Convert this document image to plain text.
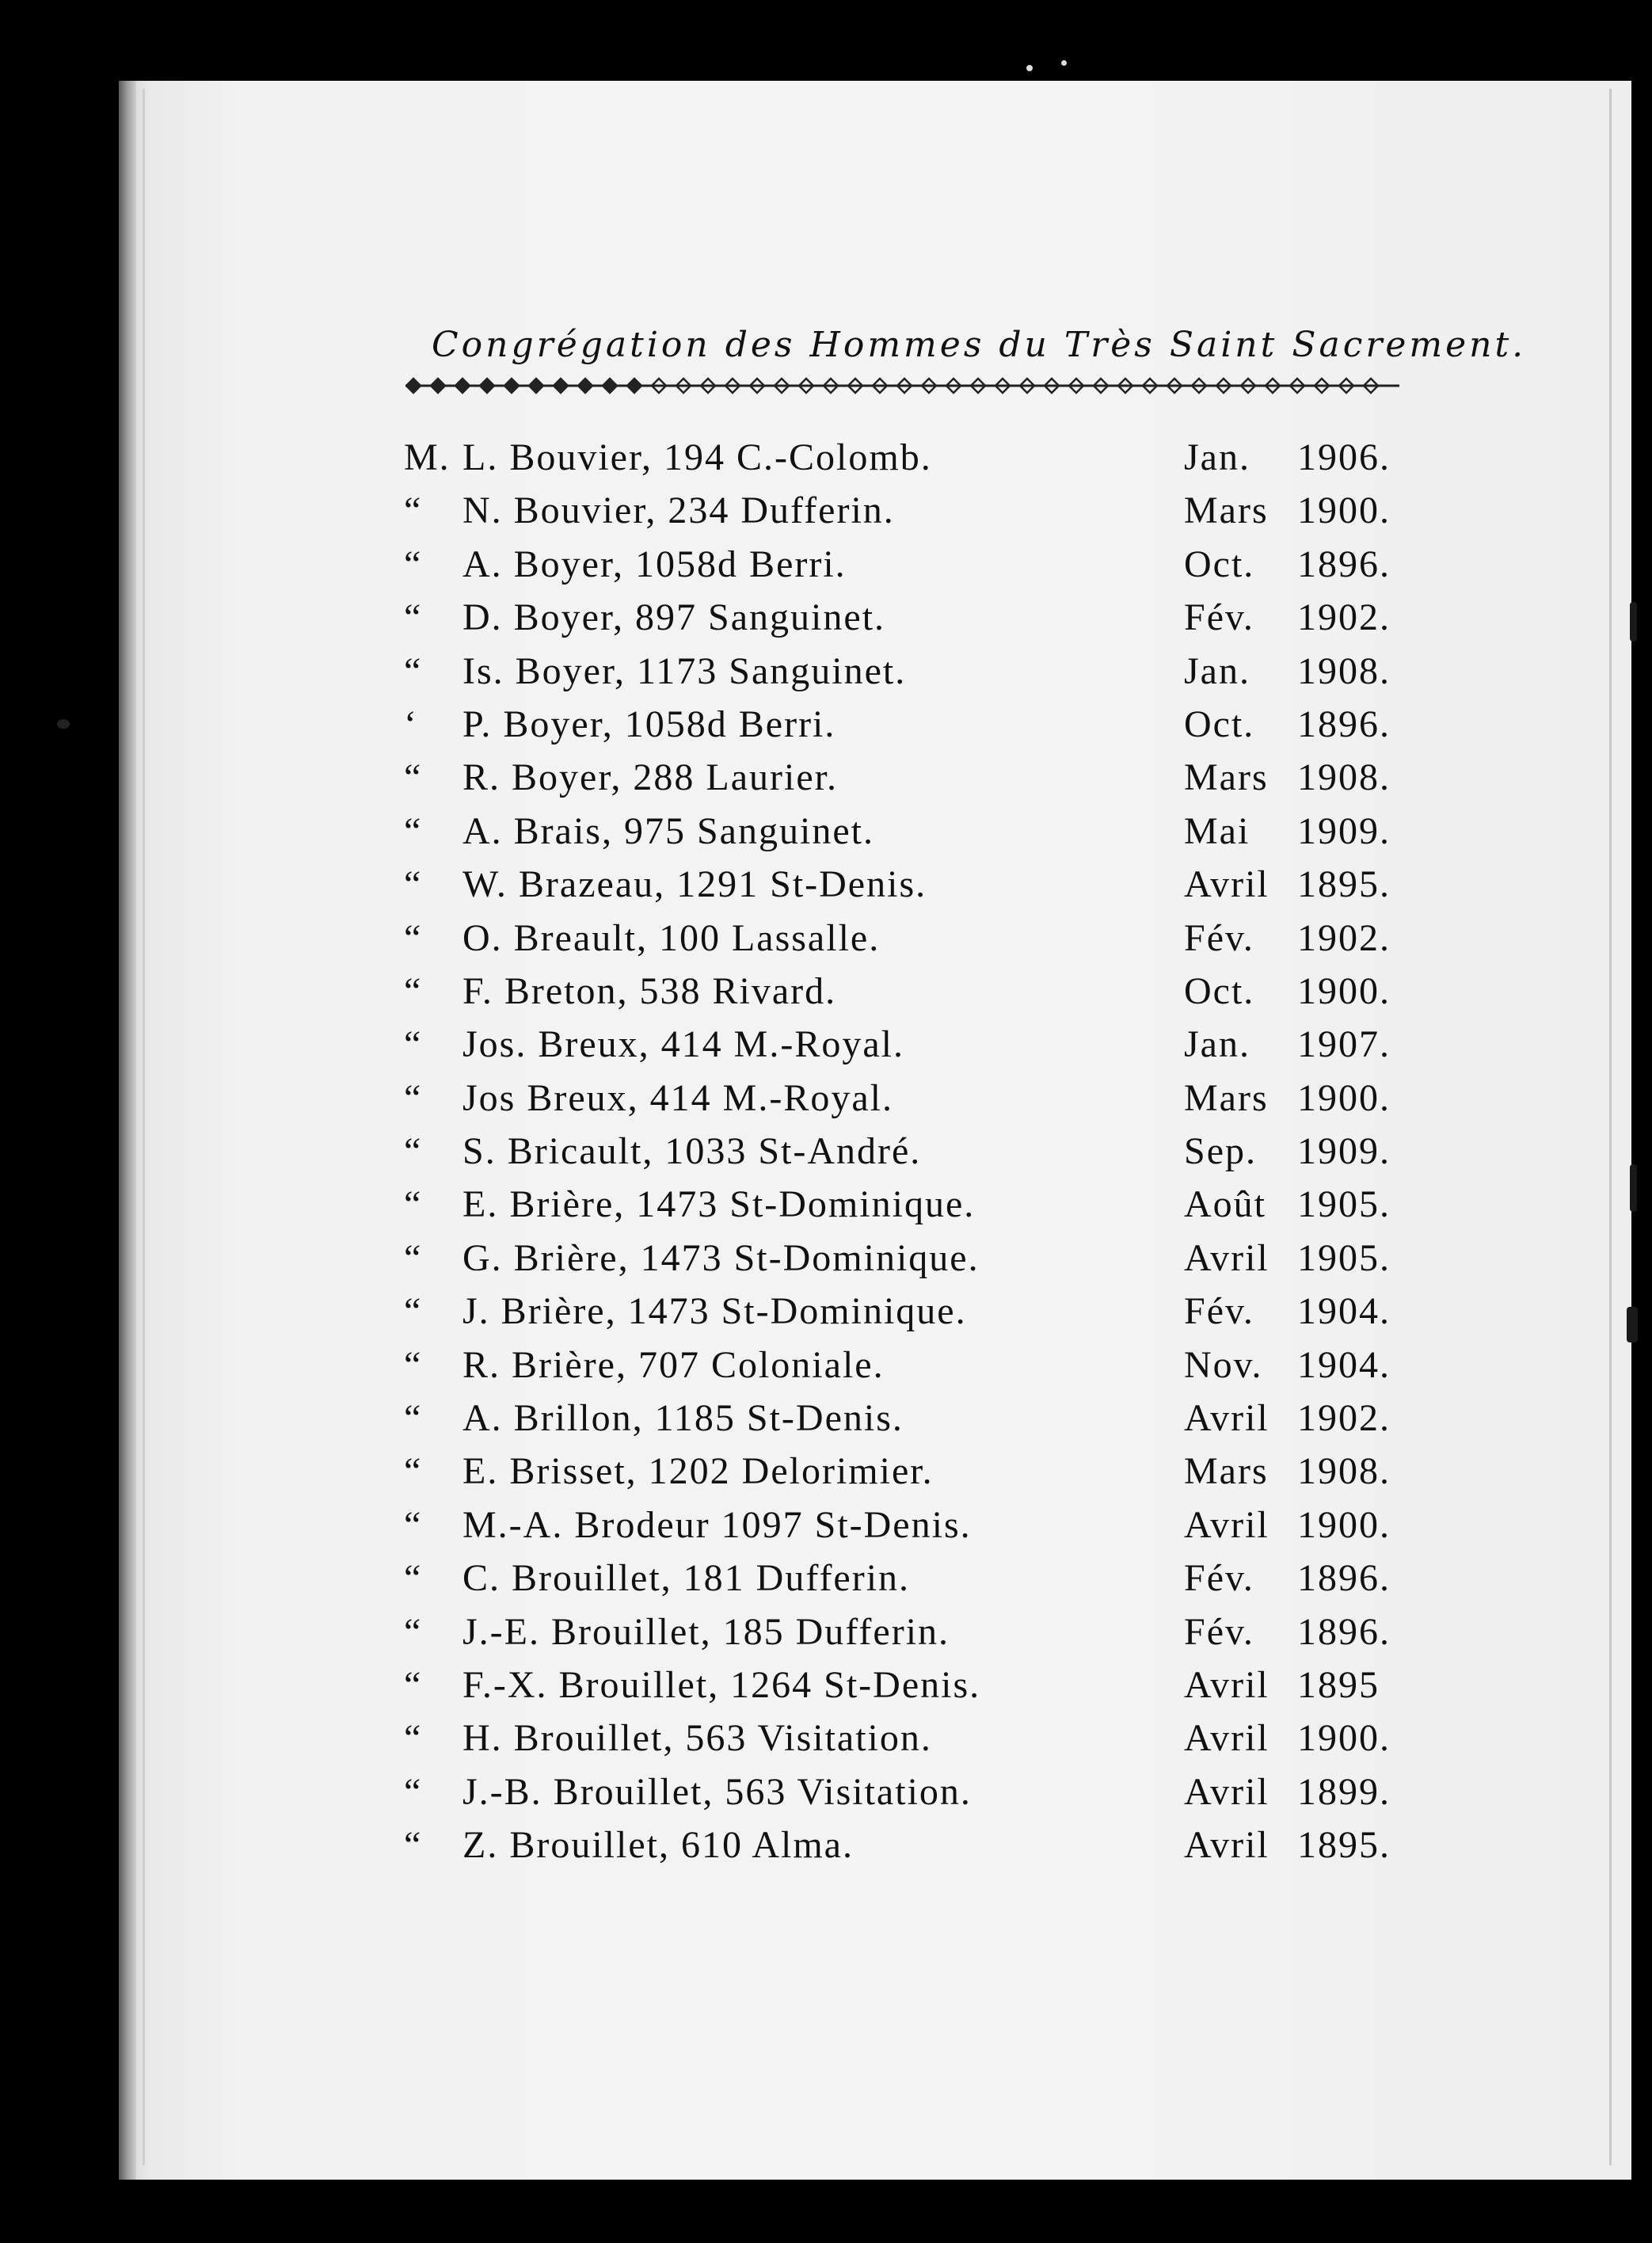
Congrégation des Hommes du Très Saint Sacrement.
M. L. Bouvier, 194 C.-Colomb.	Jan.	1906.
“	N. Bouvier, 234 Dufferin.	Mars 1900.
“	A. Boyer, 1058d Berri.	Oct.	1896.
“	D. Boyer, 897 Sanguinet.	Fév.	1902.
“	Is. Boyer, 1173 Sanguinet.	Jan.	1908.
‘	P. Boyer, 1058d Berri.	Oct.	1896.
“	R. Boyer, 288 Laurier.	Mars 1908.
“	A. Brais, 975 Sanguinet.	Mai	1909.
“	W. Brazeau, 1291 St-Denis.	Avril 1895.
“	O. Breault, 100 Lassalle.	Fév.	1902.
“	F. Breton, 538 Rivard.	Oct.	1900.
“	Jos. Breux, 414 M.-Royal.	Jan.	1907.
“	Jos Breux, 414 M.-Royal.	Mars 1900.
“	S. Bricault, 1033 St-André.	Sep.	1909.
“	E. Brière, 1473 St-Dominique.	Août 1905.
“	G. Brière, 1473 St-Dominique.	Avril 1905.
“	J. Brière, 1473 St-Dominique.	Fév.	1904.
“	R. Brière, 707 Coloniale.	Nov. 1904.
“	A. Brillon, 1185 St-Denis.	Avril 1902.
“	E. Brisset, 1202 Delorimier.	Mars 1908.
“	M.-A. Brodeur 1097 St-Denis.	Avril 1900.
“	C. Brouillet, 181 Dufferin.	Fév.	1896.
“	J.-E. Brouillet, 185 Dufferin.	Fév.	1896.
“	F.-X. Brouillet, 1264 St-Denis.	Avril 1895
“	H. Brouillet, 563 Visitation.	Avril 1900.
“	J.-B. Brouillet, 563 Visitation.	Avril 1899.
“	Z. Brouillet, 610 Alma.	Avril 1895.
